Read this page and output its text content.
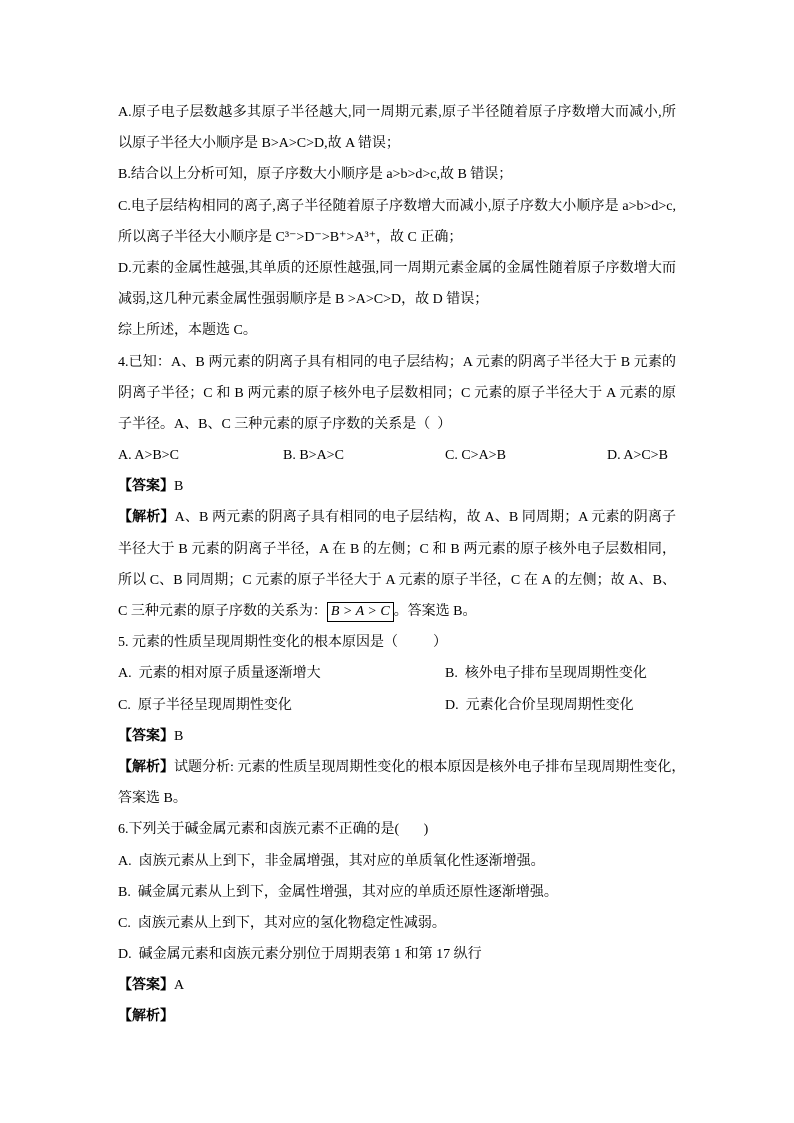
A.原子电子层数越多其原子半径越大,同一周期元素,原子半径随着原子序数增大而减小,所
以原子半径大小顺序是 B>A>C>D,故 A 错误；
B.结合以上分析可知，原子序数大小顺序是 a>b>d>c,故 B 错误；
C.电子层结构相同的离子,离子半径随着原子序数增大而减小,原子序数大小顺序是 a>b>d>c,
所以离子半径大小顺序是 C³⁻>D⁻>B⁺>A³⁺，故 C 正确；
D.元素的金属性越强,其单质的还原性越强,同一周期元素金属的金属性随着原子序数增大而
减弱,这几种元素金属性强弱顺序是 B >A>C>D，故 D 错误；
综上所述，本题选 C。
4.已知：A、B 两元素的阴离子具有相同的电子层结构；A 元素的阴离子半径大于 B 元素的
阴离子半径；C 和 B 两元素的原子核外电子层数相同；C 元素的原子半径大于 A 元素的原
子半径。A、B、C 三种元素的原子序数的关系是（  ）
A. A>B>C	B. B>A>C	C. C>A>B	D. A>C>B
【答案】B
【解析】A、B 两元素的阴离子具有相同的电子层结构，故 A、B 同周期；A 元素的阴离子
半径大于 B 元素的阴离子半径，A 在 B 的左侧；C 和 B 两元素的原子核外电子层数相同，
所以 C、B 同周期；C 元素的原子半径大于 A 元素的原子半径，C 在 A 的左侧；故 A、B、
C 三种元素的原子序数的关系为： B > A > C 。答案选 B。
5. 元素的性质呈现周期性变化的根本原因是（          ）
A.  元素的相对原子质量逐渐增大	B.  核外电子排布呈现周期性变化
C.  原子半径呈现周期性变化	D.  元素化合价呈现周期性变化
【答案】B
【解析】试题分析: 元素的性质呈现周期性变化的根本原因是核外电子排布呈现周期性变化，
答案选 B。
6.下列关于碱金属元素和卤族元素不正确的是(       )
A.  卤族元素从上到下，非金属增强，其对应的单质氧化性逐渐增强。
B.  碱金属元素从上到下，金属性增强，其对应的单质还原性逐渐增强。
C.  卤族元素从上到下，其对应的氢化物稳定性减弱。
D.  碱金属元素和卤族元素分别位于周期表第 1 和第 17 纵行
【答案】A
【解析】
